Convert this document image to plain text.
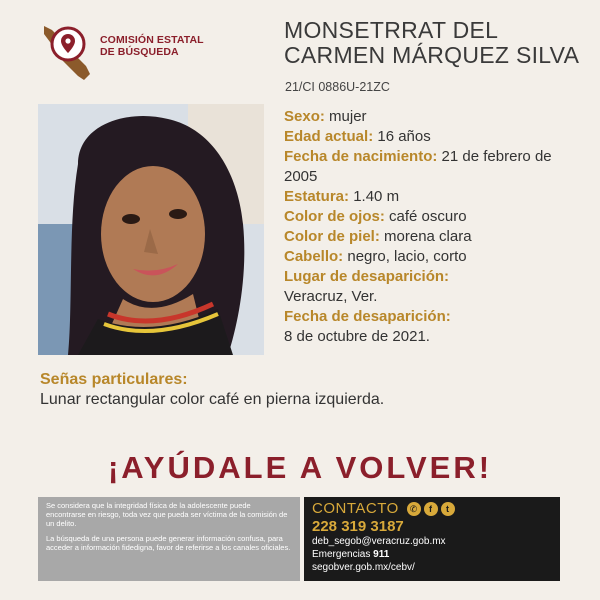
COMISIÓN ESTATAL
DE BÚSQUEDA
MONSETRRAT DEL
CARMEN MÁRQUEZ SILVA
21/CI 0886U-21ZC
Sexo: mujer
Edad actual: 16 años
Fecha de nacimiento: 21 de febrero de 2005
Estatura: 1.40 m
Color de ojos: café oscuro
Color de piel: morena clara
Cabello: negro, lacio, corto
Lugar de desaparición:
Veracruz, Ver.
Fecha de desaparición:
8 de octubre de 2021.
Señas particulares:
Lunar rectangular color café en pierna izquierda.
¡AYÚDALE A VOLVER!

Se considera que la integridad física de la adolescente puede encontrarse en riesgo, toda vez que pueda ser víctima de la comisión de un delito.

La búsqueda de una persona puede generar información confusa, para acceder a información fidedigna, favor de referirse a los canales oficiales.

CONTACTO	✆	f	t
228 319 3187
deb_segob@veracruz.gob.mx
Emergencias 911
segobver.gob.mx/cebv/
